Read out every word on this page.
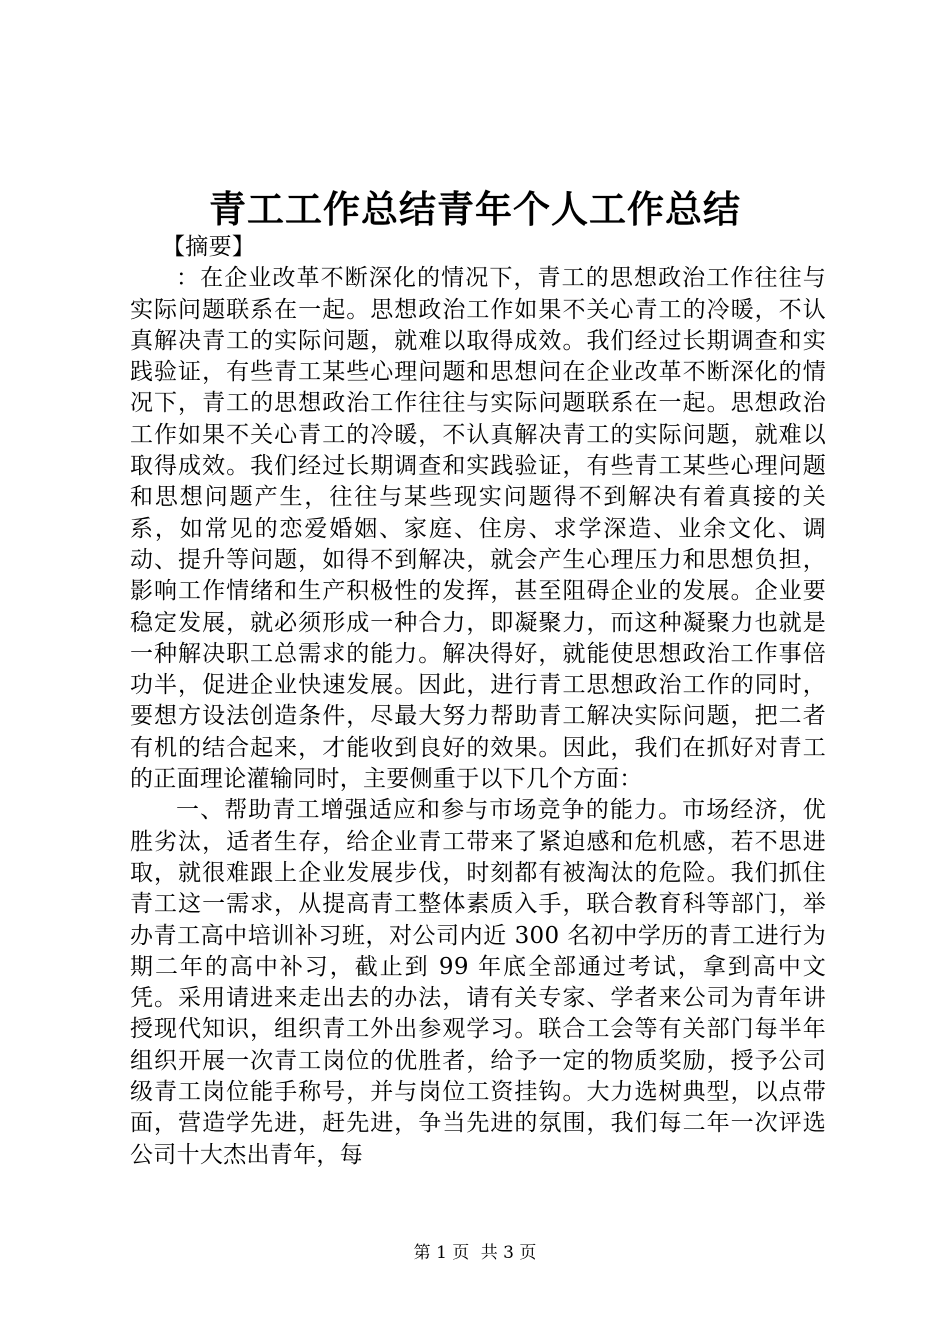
青工工作总结青年个人工作总结
【摘要】

：在企业改革不断深化的情况下，青工的思想政治工作往往与实际问题联系在一起。思想政治工作如果不关心青工的冷暖，不认真解决青工的实际问题，就难以取得成效。我们经过长期调查和实践验证，有些青工某些心理问题和思想问在企业改革不断深化的情况下，青工的思想政治工作往往与实际问题联系在一起。思想政治工作如果不关心青工的冷暖，不认真解决青工的实际问题，就难以取得成效。我们经过长期调查和实践验证，有些青工某些心理问题和思想问题产生，往往与某些现实问题得不到解决有着真接的关系，如常见的恋爱婚姻、家庭、住房、求学深造、业余文化、调动、提升等问题，如得不到解决，就会产生心理压力和思想负担，影响工作情绪和生产积极性的发挥，甚至阻碍企业的发展。企业要稳定发展，就必须形成一种合力，即凝聚力，而这种凝聚力也就是一种解决职工总需求的能力。解决得好，就能使思想政治工作事倍功半，促进企业快速发展。因此，进行青工思想政治工作的同时，要想方设法创造条件，尽最大努力帮助青工解决实际问题，把二者有机的结合起来，才能收到良好的效果。因此，我们在抓好对青工的正面理论灌输同时，主要侧重于以下几个方面：

一、帮助青工增强适应和参与市场竞争的能力。市场经济，优胜劣汰，适者生存，给企业青工带来了紧迫感和危机感，若不思进取，就很难跟上企业发展步伐，时刻都有被淘汰的危险。我们抓住青工这一需求，从提高青工整体素质入手，联合教育科等部门，举办青工高中培训补习班，对公司内近 300 名初中学历的青工进行为期二年的高中补习，截止到 99 年底全部通过考试，拿到高中文凭。采用请进来走出去的办法，请有关专家、学者来公司为青年讲授现代知识，组织青工外出参观学习。联合工会等有关部门每半年组织开展一次青工岗位的优胜者，给予一定的物质奖励，授予公司级青工岗位能手称号，并与岗位工资挂钩。大力选树典型，以点带面，营造学先进，赶先进，争当先进的氛围，我们每二年一次评选公司十大杰出青年，每

第 1 页 共 3 页
